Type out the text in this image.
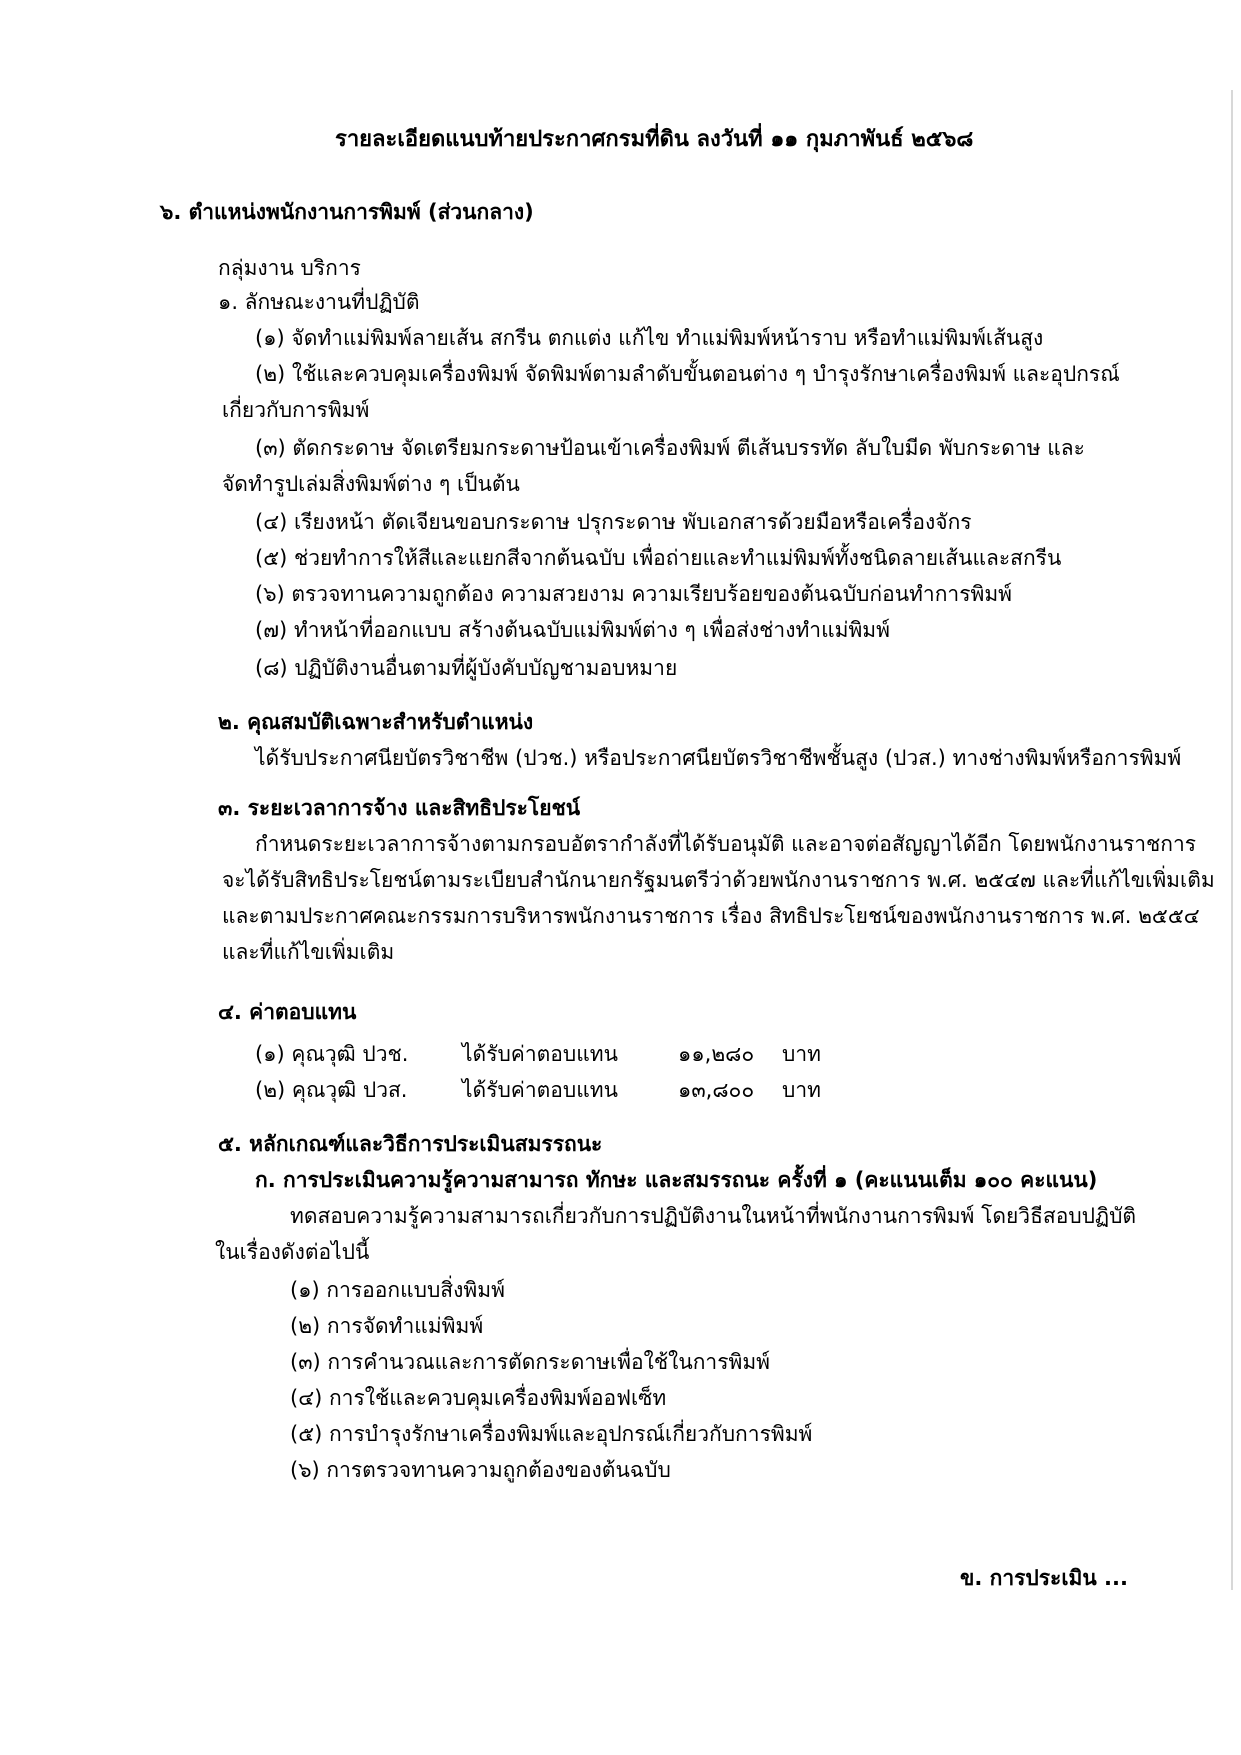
รายละเอียดแนบท้ายประกาศกรมที่ดิน ลงวันที่ ๑๑ กุมภาพันธ์ ๒๕๖๘
๖. ตำแหน่งพนักงานการพิมพ์ (ส่วนกลาง)
กลุ่มงาน บริการ
๑. ลักษณะงานที่ปฏิบัติ
(๑) จัดทำแม่พิมพ์ลายเส้น สกรีน ตกแต่ง แก้ไข ทำแม่พิมพ์หน้าราบ หรือทำแม่พิมพ์เส้นสูง
(๒) ใช้และควบคุมเครื่องพิมพ์ จัดพิมพ์ตามลำดับขั้นตอนต่าง ๆ บำรุงรักษาเครื่องพิมพ์ และอุปกรณ์
เกี่ยวกับการพิมพ์
(๓) ตัดกระดาษ จัดเตรียมกระดาษป้อนเข้าเครื่องพิมพ์ ตีเส้นบรรทัด ลับใบมีด พับกระดาษ และ
จัดทำรูปเล่มสิ่งพิมพ์ต่าง ๆ เป็นต้น
(๔) เรียงหน้า ตัดเจียนขอบกระดาษ ปรุกระดาษ พับเอกสารด้วยมือหรือเครื่องจักร
(๕) ช่วยทำการให้สีและแยกสีจากต้นฉบับ เพื่อถ่ายและทำแม่พิมพ์ทั้งชนิดลายเส้นและสกรีน
(๖) ตรวจทานความถูกต้อง ความสวยงาม ความเรียบร้อยของต้นฉบับก่อนทำการพิมพ์
(๗) ทำหน้าที่ออกแบบ สร้างต้นฉบับแม่พิมพ์ต่าง ๆ เพื่อส่งช่างทำแม่พิมพ์
(๘) ปฏิบัติงานอื่นตามที่ผู้บังคับบัญชามอบหมาย
๒. คุณสมบัติเฉพาะสำหรับตำแหน่ง
ได้รับประกาศนียบัตรวิชาชีพ (ปวช.) หรือประกาศนียบัตรวิชาชีพชั้นสูง (ปวส.) ทางช่างพิมพ์หรือการพิมพ์
๓. ระยะเวลาการจ้าง และสิทธิประโยชน์
กำหนดระยะเวลาการจ้างตามกรอบอัตรากำลังที่ได้รับอนุมัติ และอาจต่อสัญญาได้อีก โดยพนักงานราชการ
จะได้รับสิทธิประโยชน์ตามระเบียบสำนักนายกรัฐมนตรีว่าด้วยพนักงานราชการ พ.ศ. ๒๕๔๗ และที่แก้ไขเพิ่มเติม
และตามประกาศคณะกรรมการบริหารพนักงานราชการ เรื่อง สิทธิประโยชน์ของพนักงานราชการ พ.ศ. ๒๕๕๔
และที่แก้ไขเพิ่มเติม
๔. ค่าตอบแทน
(๑) คุณวุฒิ ปวช.	ได้รับค่าตอบแทน	๑๑,๒๘๐ บาท
(๒) คุณวุฒิ ปวส.	ได้รับค่าตอบแทน	๑๓,๘๐๐ บาท
๕. หลักเกณฑ์และวิธีการประเมินสมรรถนะ
ก. การประเมินความรู้ความสามารถ ทักษะ และสมรรถนะ ครั้งที่ ๑ (คะแนนเต็ม ๑๐๐ คะแนน)
ทดสอบความรู้ความสามารถเกี่ยวกับการปฏิบัติงานในหน้าที่พนักงานการพิมพ์ โดยวิธีสอบปฏิบัติ
ในเรื่องดังต่อไปนี้
(๑) การออกแบบสิ่งพิมพ์
(๒) การจัดทำแม่พิมพ์
(๓) การคำนวณและการตัดกระดาษเพื่อใช้ในการพิมพ์
(๔) การใช้และควบคุมเครื่องพิมพ์ออฟเซ็ท
(๕) การบำรุงรักษาเครื่องพิมพ์และอุปกรณ์เกี่ยวกับการพิมพ์
(๖) การตรวจทานความถูกต้องของต้นฉบับ
ข. การประเมิน ...
